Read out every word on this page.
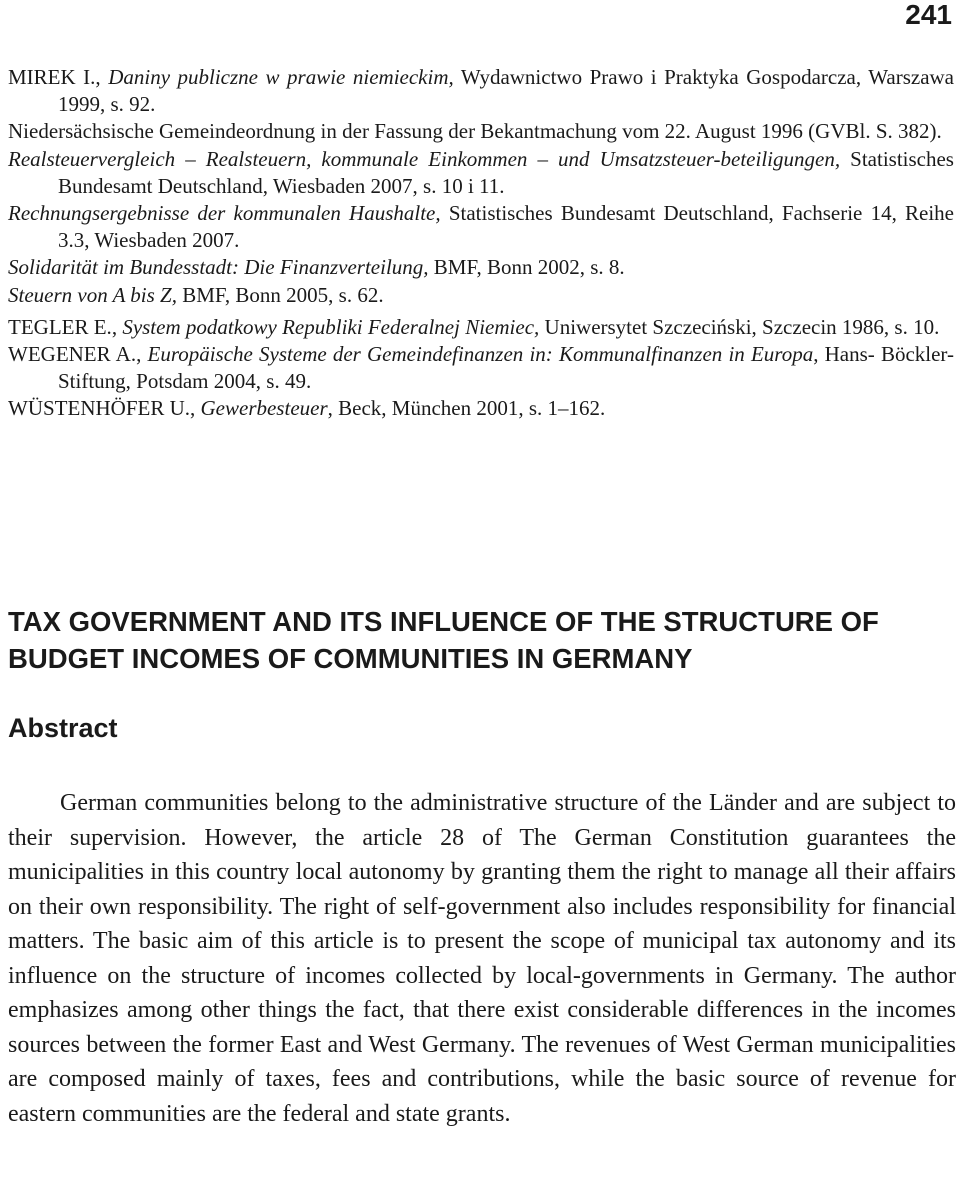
241

MIREK I., Daniny publiczne w prawie niemieckim, Wydawnictwo Prawo i Praktyka Gospodarcza, Warszawa 1999, s. 92.

Niedersächsische Gemeindeordnung in der Fassung der Bekantmachung vom 22. August 1996 (GVBl. S. 382).

Realsteuervergleich – Realsteuern, kommunale Einkommen – und Umsatzsteuer-beteiligungen, Statistisches Bundesamt Deutschland, Wiesbaden 2007, s. 10 i 11.

Rechnungsergebnisse der kommunalen Haushalte, Statistisches Bundesamt Deutschland, Fachserie 14, Reihe 3.3, Wiesbaden 2007.

Solidarität im Bundesstadt: Die Finanzverteilung, BMF, Bonn 2002, s. 8.

Steuern von A bis Z, BMF, Bonn 2005, s. 62.

TEGLER E., System podatkowy Republiki Federalnej Niemiec, Uniwersytet Szczeciński, Szczecin 1986, s. 10.

WEGENER A., Europäische Systeme der Gemeindefinanzen in: Kommunalfinanzen in Europa, Hans- Böckler-Stiftung, Potsdam 2004, s. 49.

WÜSTENHÖFER U., Gewerbesteuer, Beck, München 2001, s. 1–162.

TAX GOVERNMENT AND ITS INFLUENCE OF THE STRUCTURE OF BUDGET INCOMES OF COMMUNITIES IN GERMANY
Abstract

German communities belong to the administrative structure of the Länder and are subject to their supervision. However, the article 28 of The German Constitution guarantees the municipalities in this country local autonomy by granting them the right to manage all their affairs on their own responsibility. The right of self-government also includes responsibility for financial matters. The basic aim of this article is to present the scope of municipal tax autonomy and its influence on the structure of incomes collected by local-governments in Germany. The author emphasizes among other things the fact, that there exist considerable differences in the incomes sources between the former East and West Germany. The revenues of West German municipalities are composed mainly of taxes, fees and contributions, while the basic source of revenue for eastern communities are the federal and state grants.
